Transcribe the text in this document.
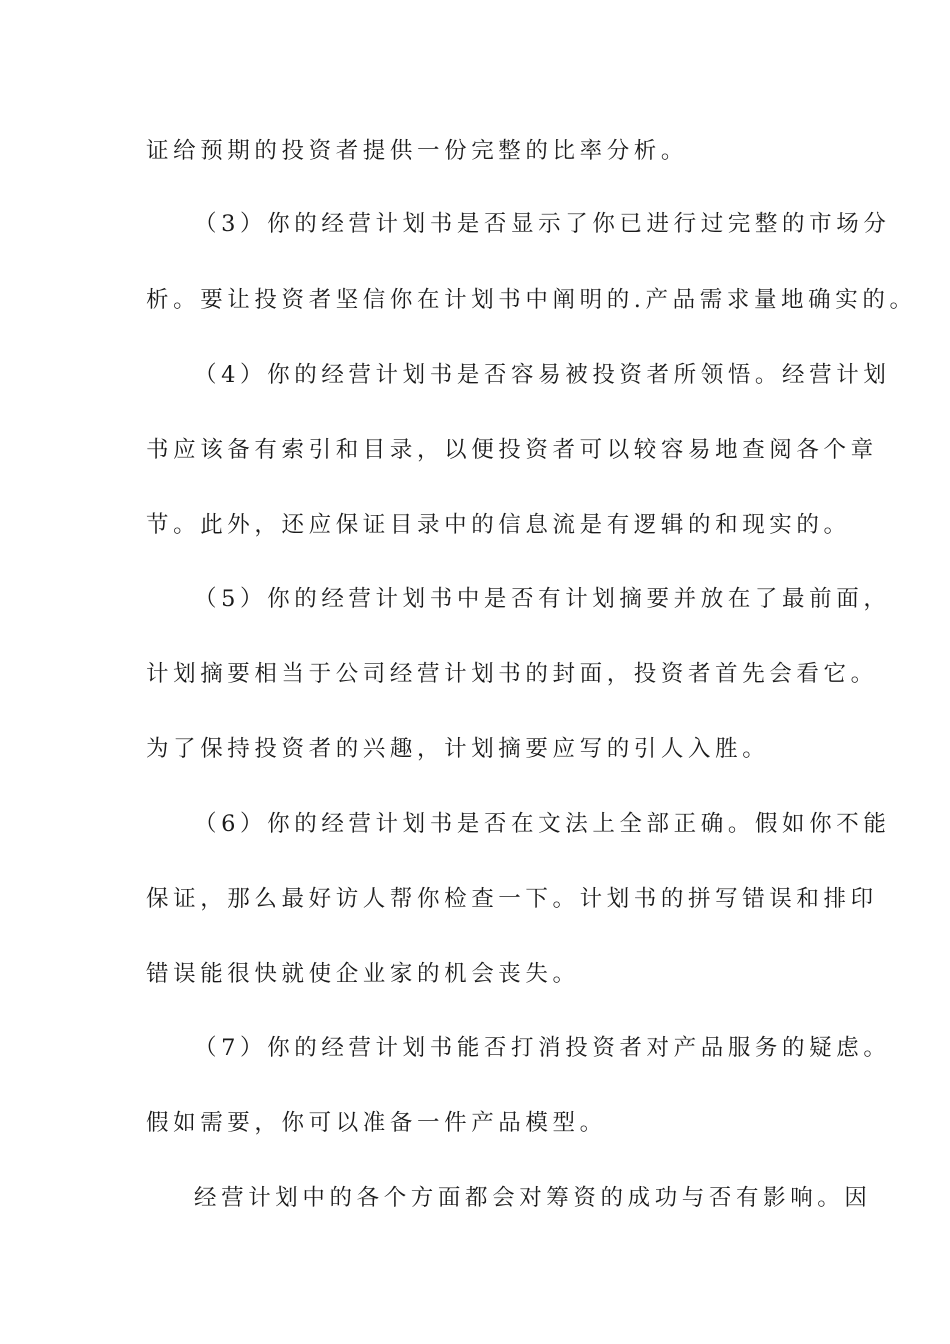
证给预期的投资者提供一份完整的比率分析。
（3）你的经营计划书是否显示了你已进行过完整的市场分
析。要让投资者坚信你在计划书中阐明的.产品需求量地确实的。
（4）你的经营计划书是否容易被投资者所领悟。经营计划
书应该备有索引和目录，以便投资者可以较容易地查阅各个章
节。此外，还应保证目录中的信息流是有逻辑的和现实的。
（5）你的经营计划书中是否有计划摘要并放在了最前面，
计划摘要相当于公司经营计划书的封面，投资者首先会看它。
为了保持投资者的兴趣，计划摘要应写的引人入胜。
（6）你的经营计划书是否在文法上全部正确。假如你不能
保证，那么最好访人帮你检查一下。计划书的拼写错误和排印
错误能很快就使企业家的机会丧失。
（7）你的经营计划书能否打消投资者对产品服务的疑虑。
假如需要，你可以准备一件产品模型。
经营计划中的各个方面都会对筹资的成功与否有影响。因
